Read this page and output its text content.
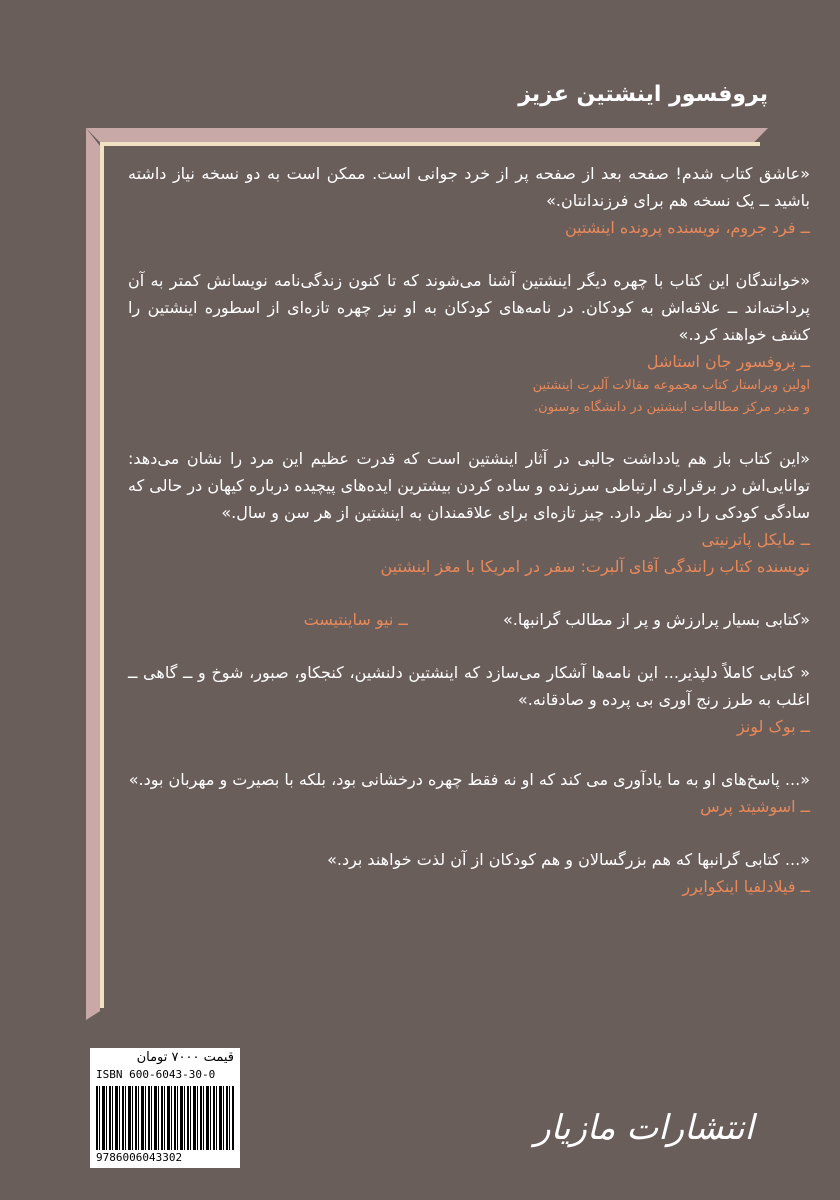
پروفسور اینشتین عزیز

«عاشق کتاب شدم! صفحه بعد از صفحه پر از خرد جوانی است. ممکن است به دو نسخه نیاز داشته باشید ــ یک نسخه هم برای فرزندانتان.»

ــ فرد جروم، نویسنده پرونده اینشتین

«خوانندگان این کتاب با چهره دیگر اینشتین آشنا می‌شوند که تا کنون زندگی‌نامه نویسانش کمتر به آن پرداخته‌اند ــ علاقه‌اش به کودکان. در نامه‌های کودکان به او نیز چهره تازه‌ای از اسطوره اینشتین را کشف خواهند کرد.»

ــ پروفسور جان استاشل
اولین ویراستار کتاب مجموعه مقالات آلبرت اینشتین
و مدیر مرکز مطالعات اینشتین در دانشگاه بوستون.

«این کتاب باز هم یادداشت جالبی در آثار اینشتین است که قدرت عظیم این مرد را نشان می‌دهد: توانایی‌اش در برقراری ارتباطی سرزنده و ساده کردن بیشترین ایده‌های پیچیده درباره کیهان در حالی که سادگی کودکی را در نظر دارد. چیز تازه‌ای برای علاقمندان به اینشتین از هر سن و سال.»

ــ مایکل پاترنیتی
نویسنده کتاب رانندگی آقای آلبرت: سفر در امریکا با مغز اینشتین
«کتابی بسیار پرارزش و پر از مطالب گرانبها.» ــ نیو ساینتیست

« کتابی کاملاً دلپذیر... این نامه‌ها آشکار می‌سازد که اینشتین دلنشین، کنجکاو، صبور، شوخ و ــ گاهی ــ اغلب به طرز رنج آوری بی پرده و صادقانه.»

ــ بوک لونز

«... پاسخ‌های او به ما یادآوری می کند که او نه فقط چهره درخشانی بود، بلکه با بصیرت و مهربان بود.»

ــ اسوشیتد پرس

«... کتابی گرانبها که هم بزرگسالان و هم کودکان از آن لذت خواهند برد.»

ــ فیلادلفیا اینکوایرر
قیمت ۷۰۰۰ تومان
ISBN 600-6043-30-0
9786006043302
انتشارات مازیار
